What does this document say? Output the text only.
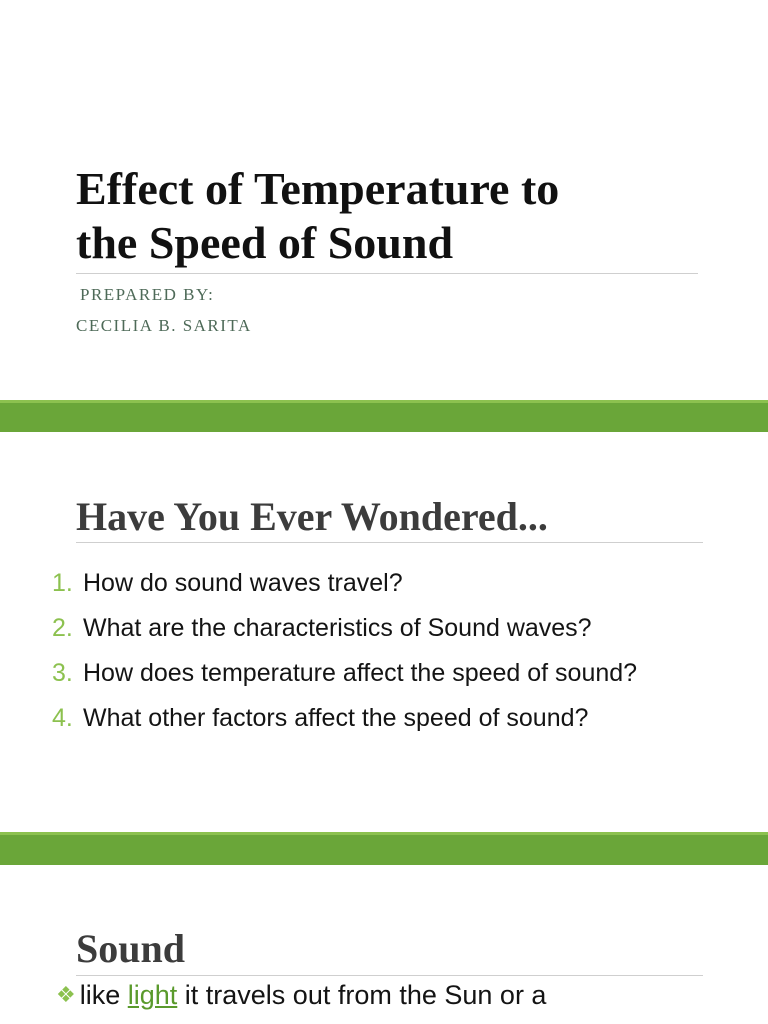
Effect of Temperature to
the Speed of Sound
PREPARED BY:
CECILIA B. SARITA
Have You Ever Wondered...
1. How do sound waves travel?
2. What are the characteristics of Sound waves?
3. How does temperature affect the speed of sound?
4. What other factors affect the speed of sound?
Sound
❖ like light it travels out from the Sun or a
